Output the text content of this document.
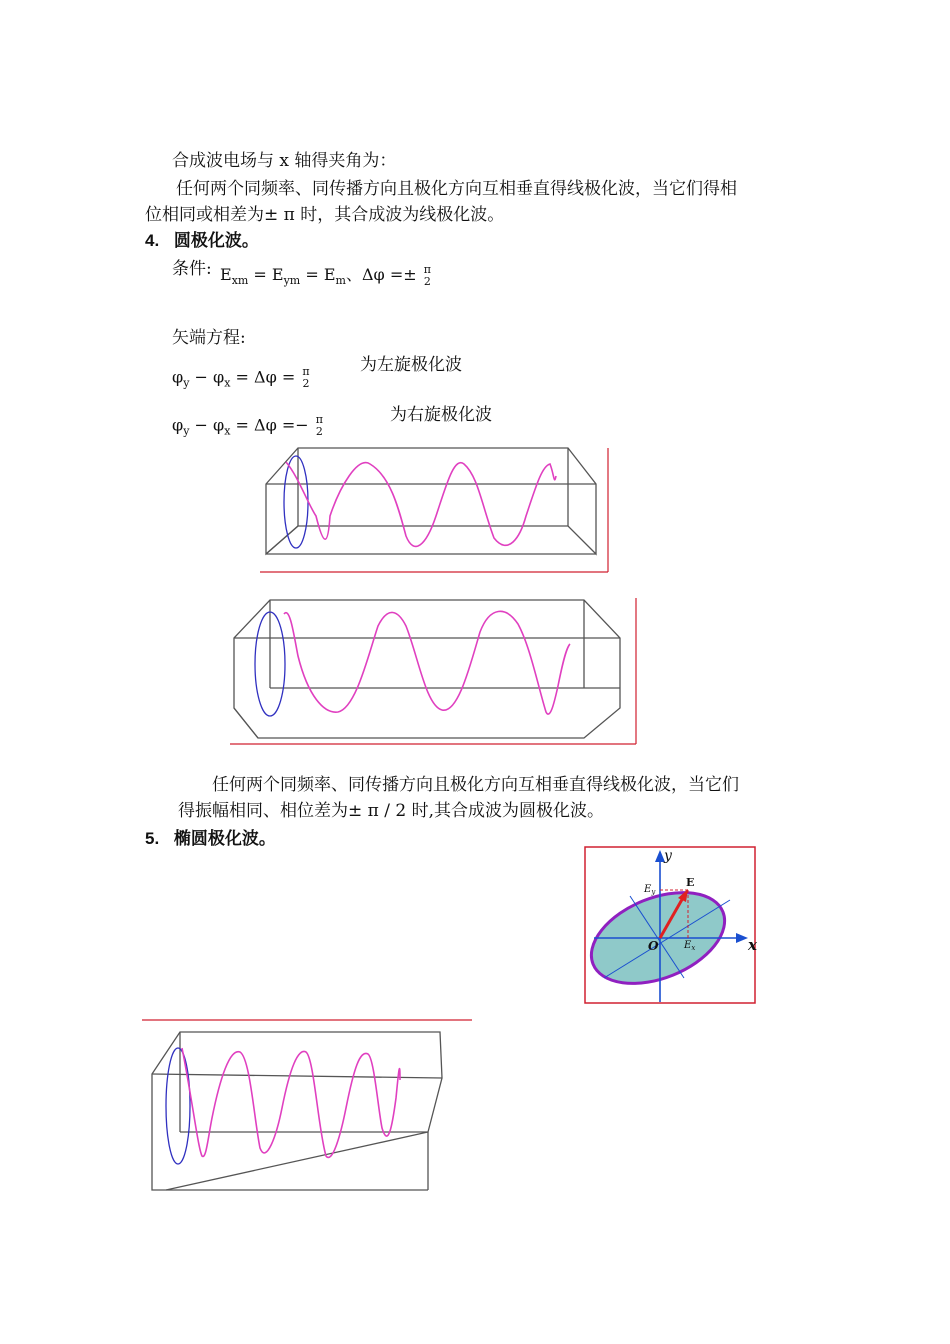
合成波电场与 x 轴得夹角为：
任何两个同频率、同传播方向且极化方向互相垂直得线极化波，当它们得相
位相同或相差为± π 时，其合成波为线极化波。
4. 圆极化波。
条件: $E_{xm} = E_{ym} = E_m$、Δφ =± π
2
矢端方程:
$\varphi_y - \varphi_x = \Delta\varphi = \pi$
2
为左旋极化波
$\varphi_y - \varphi_x = \Delta\varphi =- \pi$
2
为右旋极化波
任何两个同频率、同传播方向且极化方向互相垂直得线极化波，当它们
得振幅相同、相位差为± π / 2 时,其合成波为圆极化波。
5. 椭圆极化波。
x
y
O
E
$E_y$
$E_x$
